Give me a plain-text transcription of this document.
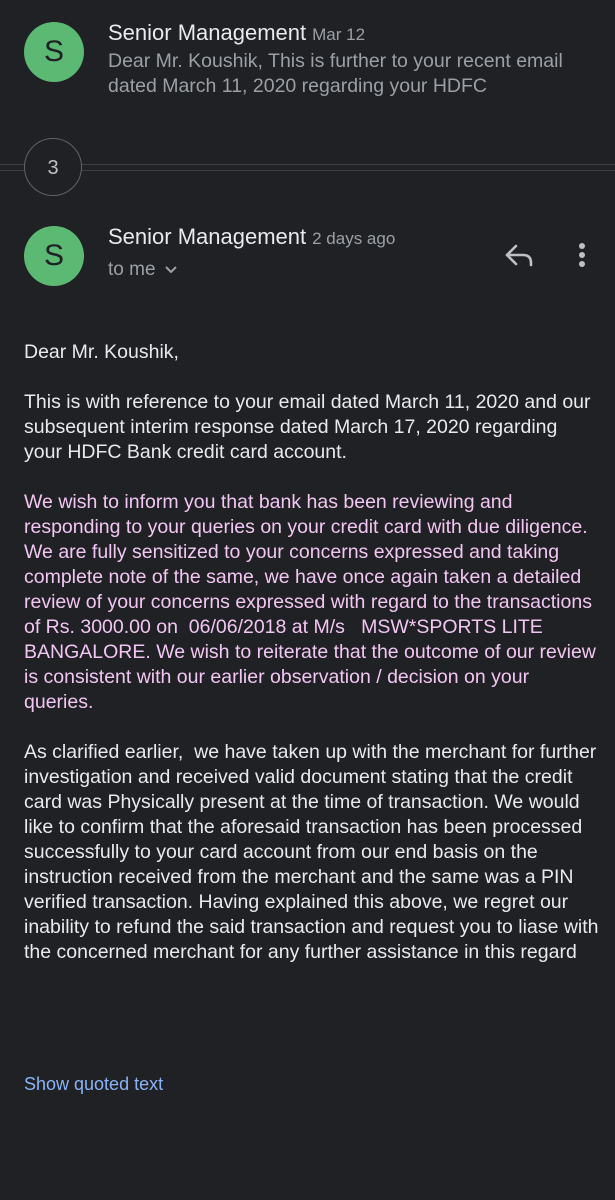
S
Senior Management Mar 12
Dear Mr. Koushik, This is further to your recent email dated March 11, 2020 regarding your HDFC
3
S
Senior Management 2 days ago
to me

Dear Mr. Koushik,

This is with reference to your email dated March 11, 2020 and our subsequent interim response dated March 17, 2020 regarding your HDFC Bank credit card account.

We wish to inform you that bank has been reviewing and responding to your queries on your credit card with due diligence. We are fully sensitized to your concerns expressed and taking complete note of the same, we have once again taken a detailed review of your concerns expressed with regard to the transactions of Rs. 3000.00 on  06/06/2018 at M/s   MSW*SPORTS LITE BANGALORE. We wish to reiterate that the outcome of our review is consistent with our earlier observation / decision on your queries.

As clarified earlier,  we have taken up with the merchant for further investigation and received valid document stating that the credit card was Physically present at the time of transaction. We would like to confirm that the aforesaid transaction has been processed successfully to your card account from our end basis on the instruction received from the merchant and the same was a PIN verified transaction. Having explained this above, we regret our inability to refund the said transaction and request you to liase with the concerned merchant for any further assistance in this regard

Show quoted text
